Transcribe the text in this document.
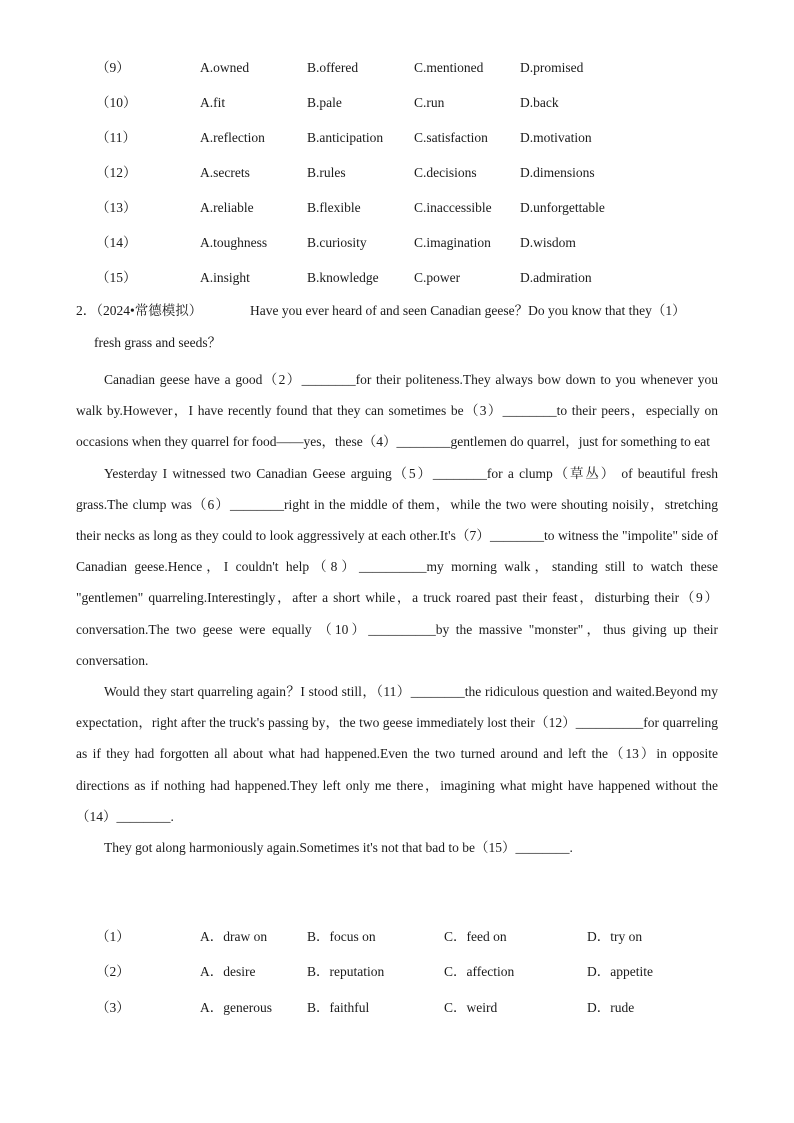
（9）	A.owned	B.offered	C.mentioned	D.promised
（10）	A.fit	B.pale	C.run	D.back
（11）	A.reflection	B.anticipation C.satisfaction D.motivation
（12）	A.secrets	B.rules	C.decisions	D.dimensions
（13）	A.reliable	B.flexible	C.inaccessible D.unforgettable
（14）	A.toughness	B.curiosity	C.imagination D.wisdom
（15）	A.insight	B.knowledge	C.power	D.admiration
2．（2024•常德模拟）	Have you ever heard of and seen Canadian geese？Do you know that they（1）
fresh grass and seeds？

Canadian geese have a good（2）________for their politeness.They always bow down to you whenever you walk by.However，I have recently found that they can sometimes be（3）________to their peers，especially on occasions when they quarrel for food——yes，these（4）________gentlemen do quarrel，just for something to eat

Yesterday I witnessed two Canadian Geese arguing（5）________for a clump（草丛） of beautiful fresh grass.The clump was（6）________right in the middle of them，while the two were shouting noisily，stretching their necks as long as they could to look aggressively at each other.It's（7）________to witness the "impolite" side of Canadian geese.Hence，I couldn't help（8）__________my morning walk，standing still to watch these "gentlemen" quarreling.Interestingly，after a short while，a truck roared past their feast，disturbing their（9）conversation.The two geese were equally （10）__________by the massive "monster"，thus giving up their conversation.

Would they start quarreling again？I stood still，（11）________the ridiculous question and waited.Beyond my expectation，right after the truck's passing by，the two geese immediately lost their（12）__________for quarreling as if they had forgotten all about what had happened.Even the two turned around and left the（13）in opposite directions as if nothing had happened.They left only me there，imagining what might have happened without the（14）________.

They got along harmoniously again.Sometimes it's not that bad to be（15）________.

（1）	A．draw on	B．focus on	C．feed on	D．try on
（2）	A．desire	B．reputation	C．affection	D．appetite
（3）	A．generous	B．faithful	C．weird	D．rude
